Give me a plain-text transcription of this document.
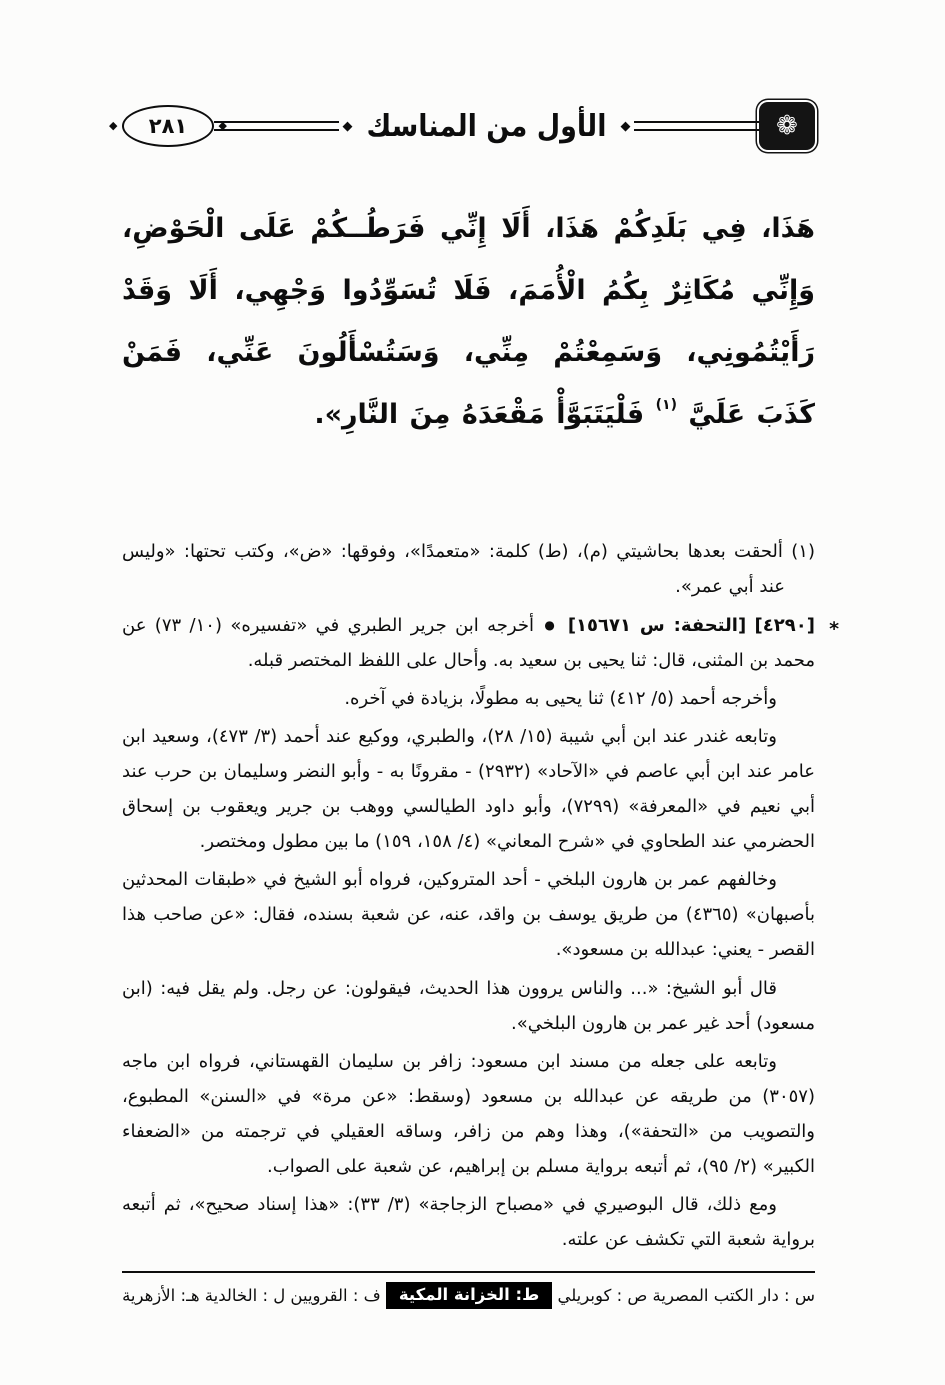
❁
◆
الأول من المناسك
◆
◆ ٢٨١
◆
هَذَا، فِي بَلَدِكُمْ هَذَا، أَلَا إِنِّي فَرَطُــكُمْ عَلَى الْحَوْضِ، وَإِنِّي مُكَاثِرٌ بِكُمُ الْأُمَمَ، فَلَا تُسَوِّدُوا وَجْهِي، أَلَا وَقَدْ رَأَيْتُمُونِي، وَسَمِعْتُمْ مِنِّي، وَسَتُسْأَلُونَ عَنِّي، فَمَنْ كَذَبَ عَلَيَّ $^{(١)}$ فَلْيَتَبَوَّأْ مَقْعَدَهُ مِنَ النَّارِ».

(١) ألحقت بعدها بحاشيتي (م)، (ط) كلمة: «متعمدًا»، وفوقها: «ض»، وكتب تحتها: «وليس عند أبي عمر».

*
[٤٢٩٠] [التحفة: س ١٥٦٧١] ● أخرجه ابن جرير الطبري في «تفسيره» (١٠/ ٧٣) عن محمد بن المثنى، قال: ثنا يحيى بن سعيد به. وأحال على اللفظ المختصر قبله.

وأخرجه أحمد (٥/ ٤١٢) ثنا يحيى به مطولًا، بزيادة في آخره.

وتابعه غندر عند ابن أبي شيبة (١٥/ ٢٨)، والطبري، ووكيع عند أحمد (٣/ ٤٧٣)، وسعيد ابن عامر عند ابن أبي عاصم في «الآحاد» (٢٩٣٢) - مقرونًا به - وأبو النضر وسليمان بن حرب عند أبي نعيم في «المعرفة» (٧٢٩٩)، وأبو داود الطيالسي ووهب بن جرير ويعقوب بن إسحاق الحضرمي عند الطحاوي في «شرح المعاني» (٤/ ١٥٨، ١٥٩) ما بين مطول ومختصر.

وخالفهم عمر بن هارون البلخي - أحد المتروكين، فرواه أبو الشيخ في «طبقات المحدثين بأصبهان» (٤٣٦٥) من طريق يوسف بن واقد، عنه، عن شعبة بسنده، فقال: «عن صاحب هذا القصر - يعني: عبدالله بن مسعود».

قال أبو الشيخ: «... والناس يروون هذا الحديث، فيقولون: عن رجل. ولم يقل فيه: (ابن مسعود) أحد غير عمر بن هارون البلخي».

وتابعه على جعله من مسند ابن مسعود: زافر بن سليمان القهستاني، فرواه ابن ماجه (٣٠٥٧) من طريقه عن عبدالله بن مسعود (وسقط: «عن مرة» في «السنن» المطبوع، والتصويب من «التحفة»)، وهذا وهم من زافر، وساقه العقيلي في ترجمته من «الضعفاء الكبير» (٢/ ٩٥)، ثم أتبعه برواية مسلم بن إبراهيم، عن شعبة على الصواب.

ومع ذلك، قال البوصيري في «مصباح الزجاجة» (٣/ ٣٣): «هذا إسناد صحيح»، ثم أتبعه برواية شعبة التي تكشف عن علته.

س : دار الكتب المصرية
ص : كوبريلي
ط: الخزانة المكية
ف : القرويين
ل : الخالدية
هـ: الأزهرية
